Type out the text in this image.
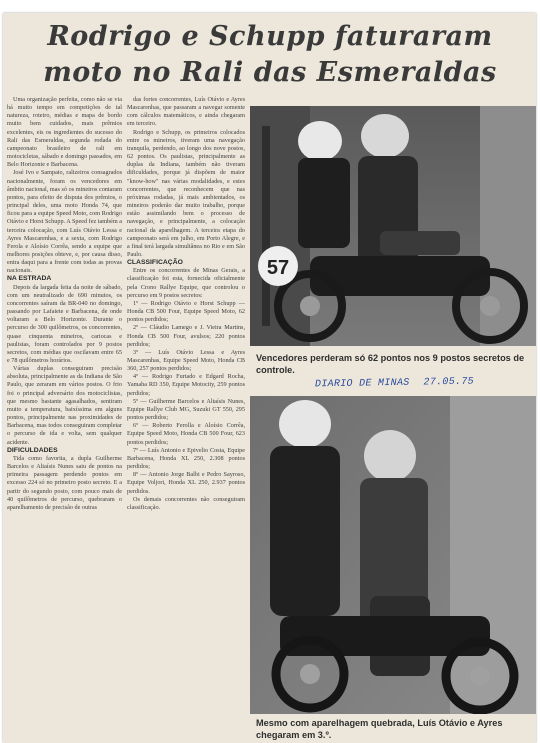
Rodrigo e Schupp faturaram
moto no Rali das Esmeraldas

Uma organização perfeita, como não se via há muito tempo em competições de tal natureza, roteiro, médias e mapa de bordo muito bem cuidados, mais prêmios excelentes, eis os ingredientes do sucesso do Rali das Esmeraldas, segunda rodada do campeonato brasileiro de rali em motocicletas, sábado e domingo passados, em Belo Horizonte e Barbacena.

José Ivo e Sampaio, ralizeiros consagrados nacionalmente, foram os vencedores em âmbito nacional, mas só os mineiros contaram pontos, para efeito de disputa dos prêmios, o principal deles, uma moto Honda 74, que ficou para a equipe Speed Moto, com Rodrigo Otávio e Horst Schupp. A Speed fez também a terceira colocação, com Luís Otávio Lessa e Ayres Mascarenhas, e a sexta, com Rodrigo Ferola e Aloísio Corrêa, sendo a equipe que melhores posições obteve, e, por causa disso, entra daqui para a frente com todas as provas nacionais.

NA ESTRADA

Depois da largada feita da noite de sábado, com um neutralizado de 690 minutos, os concorrentes saíram da BR-040 no domingo, passando por Lafaiete e Barbacena, de onde voltaram a Belo Horizonte. Durante o percurso de 300 quilômetros, os concorrentes, quase cinquenta mineiros, cariocas e paulistas, foram controlados por 9 postos secretos, com médias que oscilavam entre 65 e 78 quilômetros horários.

Várias duplas conseguiram precisão absoluta, principalmente as da Indiana de São Paulo, que zeraram em vários postos. O frio foi o principal adversário dos motociclistas, que mesmo bastante agasalhados, sentiram muito a temperatura, baixíssima em alguns pontos, principalmente nas proximidades de Barbacena, mas todos conseguiram completar o percurso de ida e volta, sem qualquer acidente.

DIFICULDADES

Tida como favorita, a dupla Guilherme Barcelos e Altaísis Nunes saiu de pontos na primeira passagem perdendo pontos em excesso 224 só no primeiro posto secreto. E a partir do segundo posto, com pouco mais de 40 quilômetros de percurso, quebraram o aparelhamento de precisão de outras

das fortes concorrentes, Luís Otávio e Ayres Mascarenhas, que passaram a navegar somente com cálculos matemáticos, e ainda chegaram em terceiro.

Rodrigo e Schupp, os primeiros colocados entre os mineiros, tiveram uma navegação tranquila, perdendo, ao longo dos nove postos, 62 pontos. Os paulistas, principalmente as duplas da Indiana, também não tiveram dificuldades, porque já dispõem de maior "know-how" nas várias modalidades, e estes concorrentes, que reconhecem que nas próximas rodadas, já mais ambientados, os mineiros poderão dar muito trabalho, porque estão assimilando bem o processo de navegação, e principalmente, a colocação racional da aparelhagem. A terceira etapa do campeonato será em julho, em Porto Alegre, e a final terá largada simultânea no Rio e em São Paulo.

CLASSIFICAÇÃO

Entre os concorrentes de Minas Gerais, a classificação foi esta, fornecida oficialmente pela Crono Rallye Equipe, que controlou o percurso em 9 postos secretos:

1º — Rodrigo Otávio e Horst Schupp — Honda CB 500 Four, Equipe Speed Moto, 62 pontos perdidos;

2º — Cláudio Lamego e J. Vieira Martins, Honda CB 500 Four, avulsos; 220 pontos perdidos;

3º — Luís Otávio Lessa e Ayres Mascarenhas, Equipe Speed Moto, Honda CB 360, 257 pontos perdidos;

4º — Rodrigo Furtado e Edgard Rocha, Yamaha RD 350, Equipe Motocity, 259 pontos perdidos;

5º — Guilherme Barcelos e Altaísis Nunes, Equipe Rallye Club MG, Suzuki GT 550, 295 pontos perdidos;

6º — Roberto Ferolla e Aloísio Corrêa, Equipe Speed Moto, Honda CB 500 Four, 623 pontos perdidos;

7º — Luís Antonio e Epivelio Costa, Equipe Barbacena, Honda XL 250, 2.308 pontos perdidos;

8º — Antonio Jorge Balbi e Pedro Sayroso, Equipe Voljori, Honda XL 250, 2.937 pontos perdidos.

Os demais concorrentes não conseguiram classificação.

57
Vencedores perderam só 62 pontos nos 9 postos secretos de controle.
DIARIO DE MINAS 27.05.75
Mesmo com aparelhagem quebrada, Luís Otávio e Ayres chegaram em 3.º.
